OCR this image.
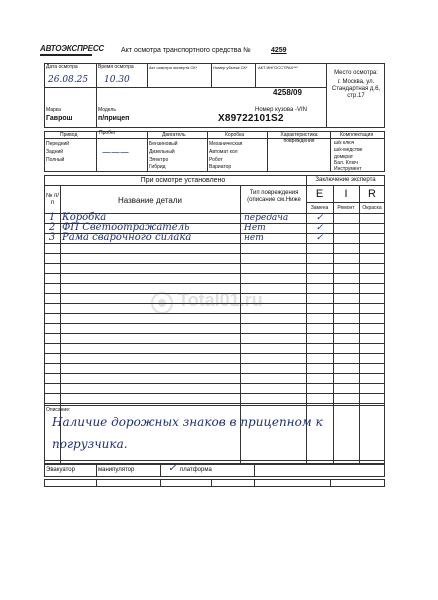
АВТОЭКСПРЕСС Акт осмотра транспортного средства №	4259
Дата осмотра
26.08.25
Время осмотра
10.30
Акт осмотра эксперта СК*	Номер убытка СК*	АКТ ИНГОССТРАХ***
4258/09
Место осмотра:
г. Москва, ул. Стандартная д.6, стр.17
Марка
Гаврош
Модель
п/прицеп
Номер кузова -VIN
X89722101S2
Привод
Передний
Задний
Полный
Пробег
———
Двигатель
Бензиновый
Дизельный
Электро
Гибрид
Коробка
Механическая
Автомат кол
Робот
Вариатор
Характеристика повреждения
Комплектация
ш/к ключ
ш/к-медстве
домкрат
Бал. Ключ
Инструмент
При осмотре установлено	Заключение эксперта
№ п/п	Название детали
Тип повреждения (описание см.Ниже	E	I	R
Замена	Ремонт	Окраска
1 Коробка	передача	✓
2 ФП Светоотражатель	Нет	✓
3 Рама сварочного силака	нет	✓
Total01.ru
Описание:
Наличие дорожных знаков в прицепном к
погрузчика.
Эвакуатор	манипулятор	✓ платформа
